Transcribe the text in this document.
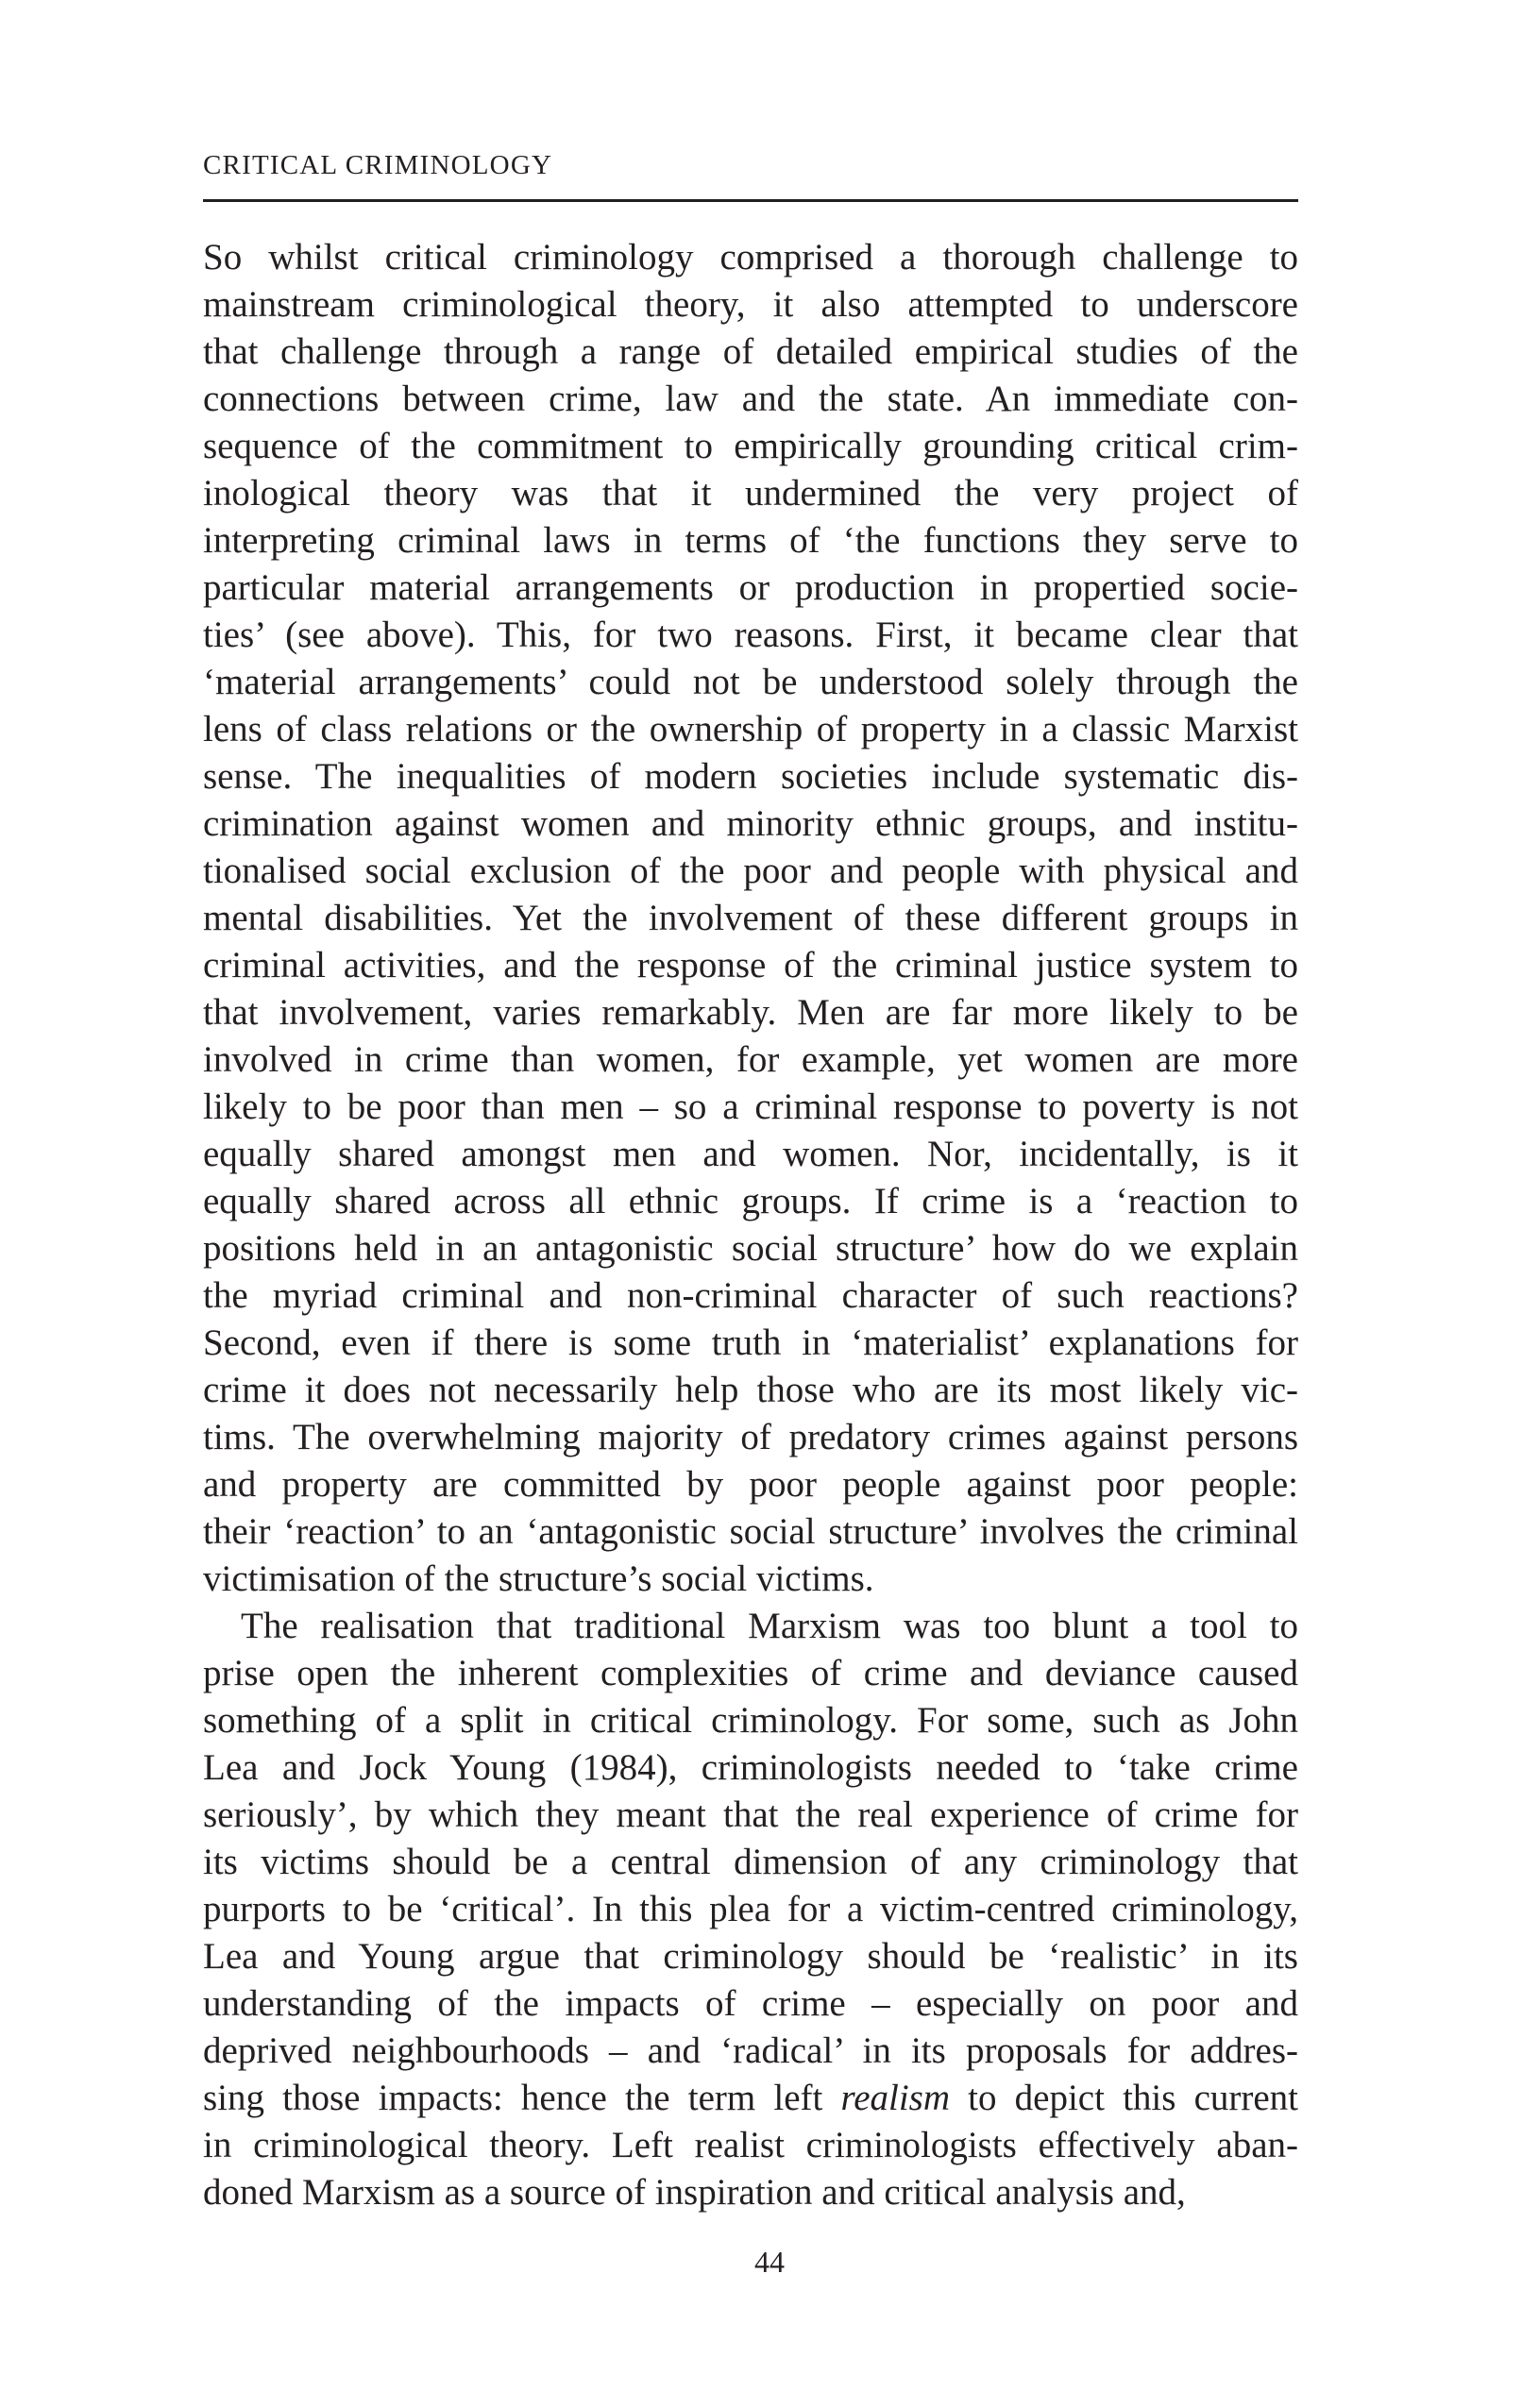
CRITICAL CRIMINOLOGY
So whilst critical criminology comprised a thorough challenge to
mainstream criminological theory, it also attempted to underscore
that challenge through a range of detailed empirical studies of the
connections between crime, law and the state. An immediate con-
sequence of the commitment to empirically grounding critical crim-
inological theory was that it undermined the very project of
interpreting criminal laws in terms of ‘the functions they serve to
particular material arrangements or production in propertied socie-
ties’ (see above). This, for two reasons. First, it became clear that
‘material arrangements’ could not be understood solely through the
lens of class relations or the ownership of property in a classic Marxist
sense. The inequalities of modern societies include systematic dis-
crimination against women and minority ethnic groups, and institu-
tionalised social exclusion of the poor and people with physical and
mental disabilities. Yet the involvement of these different groups in
criminal activities, and the response of the criminal justice system to
that involvement, varies remarkably. Men are far more likely to be
involved in crime than women, for example, yet women are more
likely to be poor than men – so a criminal response to poverty is not
equally shared amongst men and women. Nor, incidentally, is it
equally shared across all ethnic groups. If crime is a ‘reaction to
positions held in an antagonistic social structure’ how do we explain
the myriad criminal and non-criminal character of such reactions?
Second, even if there is some truth in ‘materialist’ explanations for
crime it does not necessarily help those who are its most likely vic-
tims. The overwhelming majority of predatory crimes against persons
and property are committed by poor people against poor people:
their ‘reaction’ to an ‘antagonistic social structure’ involves the criminal
victimisation of the structure’s social victims.
The realisation that traditional Marxism was too blunt a tool to
prise open the inherent complexities of crime and deviance caused
something of a split in critical criminology. For some, such as John
Lea and Jock Young (1984), criminologists needed to ‘take crime
seriously’, by which they meant that the real experience of crime for
its victims should be a central dimension of any criminology that
purports to be ‘critical’. In this plea for a victim-centred criminology,
Lea and Young argue that criminology should be ‘realistic’ in its
understanding of the impacts of crime – especially on poor and
deprived neighbourhoods – and ‘radical’ in its proposals for addres-
sing those impacts: hence the term left realism to depict this current
in criminological theory. Left realist criminologists effectively aban-
doned Marxism as a source of inspiration and critical analysis and,
44
